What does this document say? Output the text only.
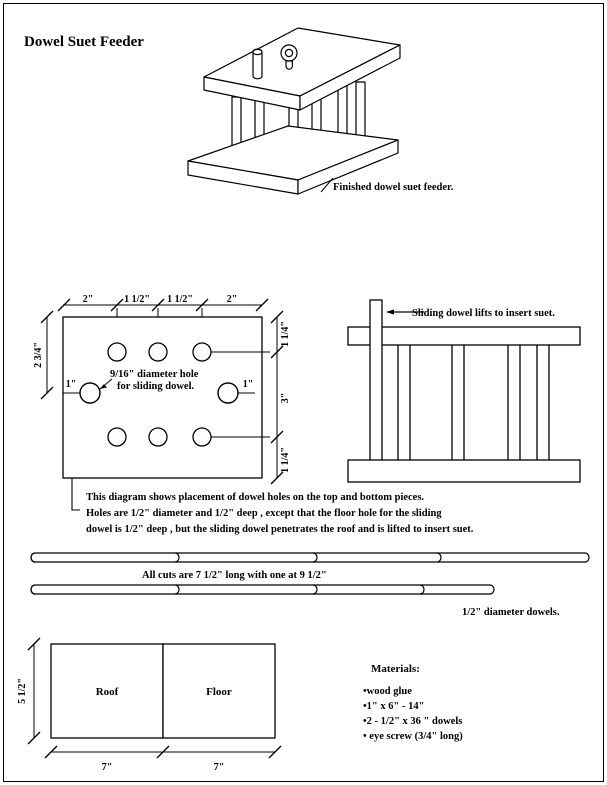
Dowel Suet Feeder
Finished dowel suet feeder.
2"	1 1/2" 1 1/2"	2"
2 3/4"
1 1/4"
3"
1 1/4"
1"	1"
9/16" diameter hole
for sliding dowel.
Sliding dowel lifts to insert suet.
This diagram shows placement of dowel holes on the top and bottom pieces.
Holes are 1/2" diameter and 1/2" deep , except that the floor hole for the sliding
dowel is 1/2" deep , but the sliding dowel penetrates the roof and is lifted to insert suet.
All cuts are 7 1/2" long with one at 9 1/2"
1/2" diameter dowels.
5 1/2"	Roof	Floor
7"	7"
Materials:
•wood glue
•1" x 6" - 14"
•2 - 1/2" x 36 " dowels
• eye screw (3/4" long)
